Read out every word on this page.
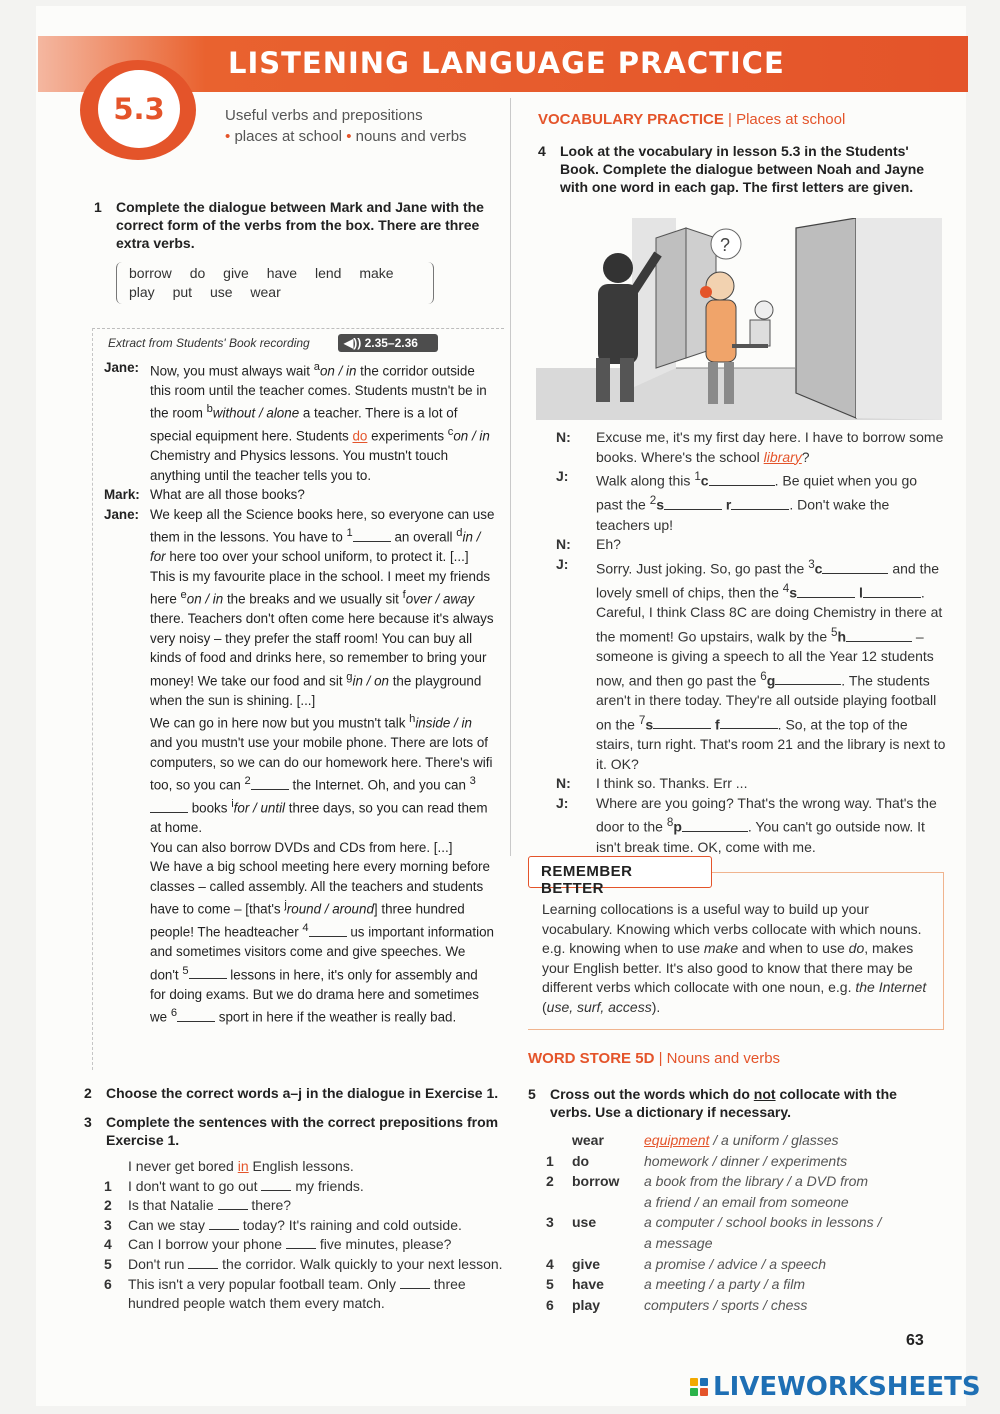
LISTENING LANGUAGE PRACTICE
5.3	Useful verbs and prepositions
• places at school • nouns and verbs
1 Complete the dialogue between Mark and Jane with the correct form of the verbs from the box. There are three extra verbs.
borrow do give have lend make
play put use wear
Extract from Students' Book recording	◀)) 2.35–2.36
Jane: Now, you must always wait $^a$on / in the corridor outside this room until the teacher comes. Students mustn't be in the room $^b$without / alone a teacher. There is a lot of special equipment here. Students do experiments $^c$on / in Chemistry and Physics lessons. You mustn't touch anything until the teacher tells you to.
Mark: What are all those books?
Jane: We keep all the Science books here, so everyone can use them in the lessons. You have to $^1$	an overall $^d$in / for here too over your school uniform, to protect it. [...]
This is my favourite place in the school. I meet my friends here $^e$on / in the breaks and we usually sit $^f$over / away there. Teachers don't often come here because it's always very noisy – they prefer the staff room! You can buy all kinds of food and drinks here, so remember to bring your money! We take our food and sit $^g$in / on the playground when the sun is shining. [...]
We can go in here now but you mustn't talk $^h$inside / in and you mustn't use your mobile phone. There are lots of computers, so we can do our homework here. There's wifi too, so you can $^2$	the Internet. Oh, and you can $^3$ books $^i$for / until three days, so you can read them at home.
You can also borrow DVDs and CDs from here. [...]
We have a big school meeting here every morning before classes – called assembly. All the teachers and students have to come – [that's $^j$round / around] three hundred people! The headteacher $^4$	us important information and sometimes visitors come and give speeches. We don't $^5$	lessons in here, it's only for assembly and for doing exams. But we do drama here and sometimes we $^6$	sport in here if the weather is really bad.
2 Choose the correct words a–j in the dialogue in Exercise 1.
3 Complete the sentences with the correct prepositions from Exercise 1.
I never get bored in English lessons.
1 I don't want to go out  my friends.
2 Is that Natalie  there?
3 Can we stay  today? It's raining and cold outside.
4 Can I borrow your phone  five minutes, please?
5 Don't run  the corridor. Walk quickly to your next lesson.
6 This isn't a very popular football team. Only  three hundred people watch them every match.
VOCABULARY PRACTICE | Places at school
4 Look at the vocabulary in lesson 5.3 in the Students' Book. Complete the dialogue between Noah and Jayne with one word in each gap. The first letters are given.
?
N: Excuse me, it's my first day here. I have to borrow some books. Where's the school library?
J: Walk along this $^1$c	. Be quiet when you go past the $^2$s	r	. Don't wake the teachers up!
N: Eh?
J: Sorry. Just joking. So, go past the $^3$c	and the lovely smell of chips, then the $^4$s	l	. Careful, I think Class 8C are doing Chemistry in there at the moment! Go upstairs, walk by the $^5$h	– someone is giving a speech to all the Year 12 students now, and then go past the $^6$g	. The students aren't in there today. They're all outside playing football on the $^7$s	f	. So, at the top of the stairs, turn right. That's room 21 and the library is next to it. OK?
N: I think so. Thanks. Err ...
J: Where are you going? That's the wrong way. That's the door to the $^8$p	. You can't go outside now. It isn't break time. OK, come with me.
REMEMBER BETTER
Learning collocations is a useful way to build up your vocabulary. Knowing which verbs collocate with which nouns. e.g. knowing when to use make and when to use do, makes your English better. It's also good to know that there may be different verbs which collocate with one noun, e.g. the Internet (use, surf, access).
WORD STORE 5D | Nouns and verbs
5 Cross out the words which do not collocate with the verbs. Use a dictionary if necessary.
wear	equipment / a uniform / glasses
1 do	homework / dinner / experiments
2 borrow a book from the library / a DVD from
a friend / an email from someone
3 use	a computer / school books in lessons /
a message
4 give	a promise / advice / a speech
5 have	a meeting / a party / a film
6 play	computers / sports / chess
63
LIVEWORKSHEETS
